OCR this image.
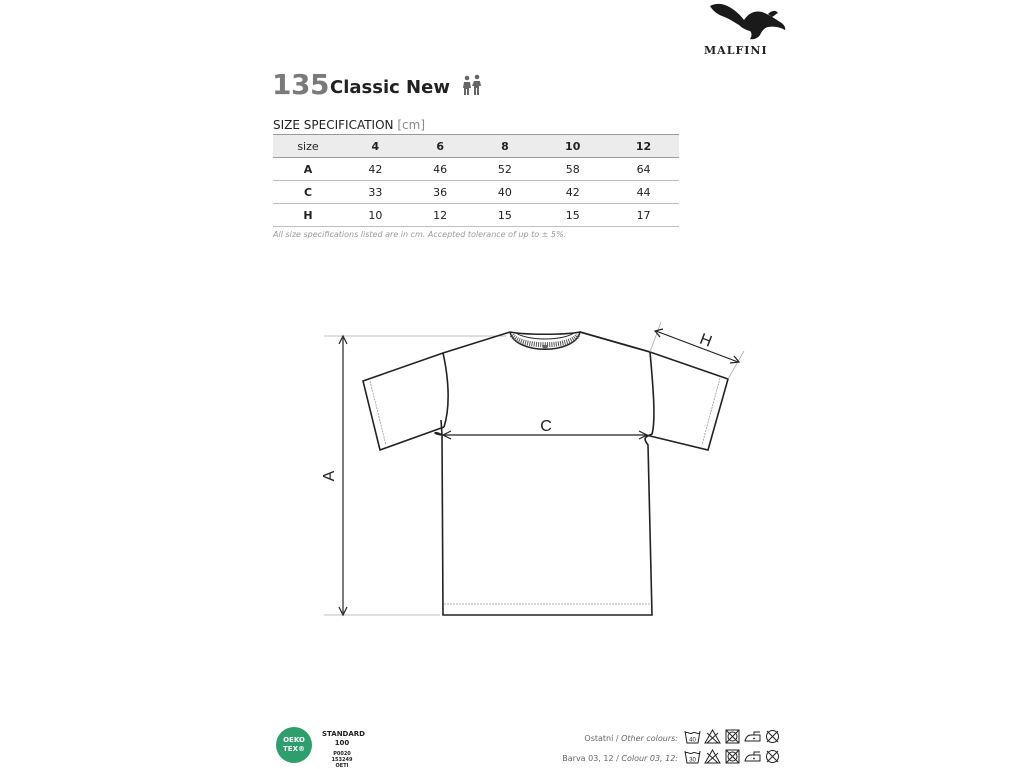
MALFINI
135 Classic New
SIZE SPECIFICATION [cm]
size	4	6	8	10	12
A	42	46	52	58	64
C	33	36	40	42	44
H	10	12	15	15	17
All size specifications listed are in cm. Accepted tolerance of up to ± 5%.
A
C
H
OEKO
TEX®
STANDARD
100
P0020 153249
OETI
Ostatní / Other colours:
Barva 03, 12 / Colour 03, 12:
40
30
